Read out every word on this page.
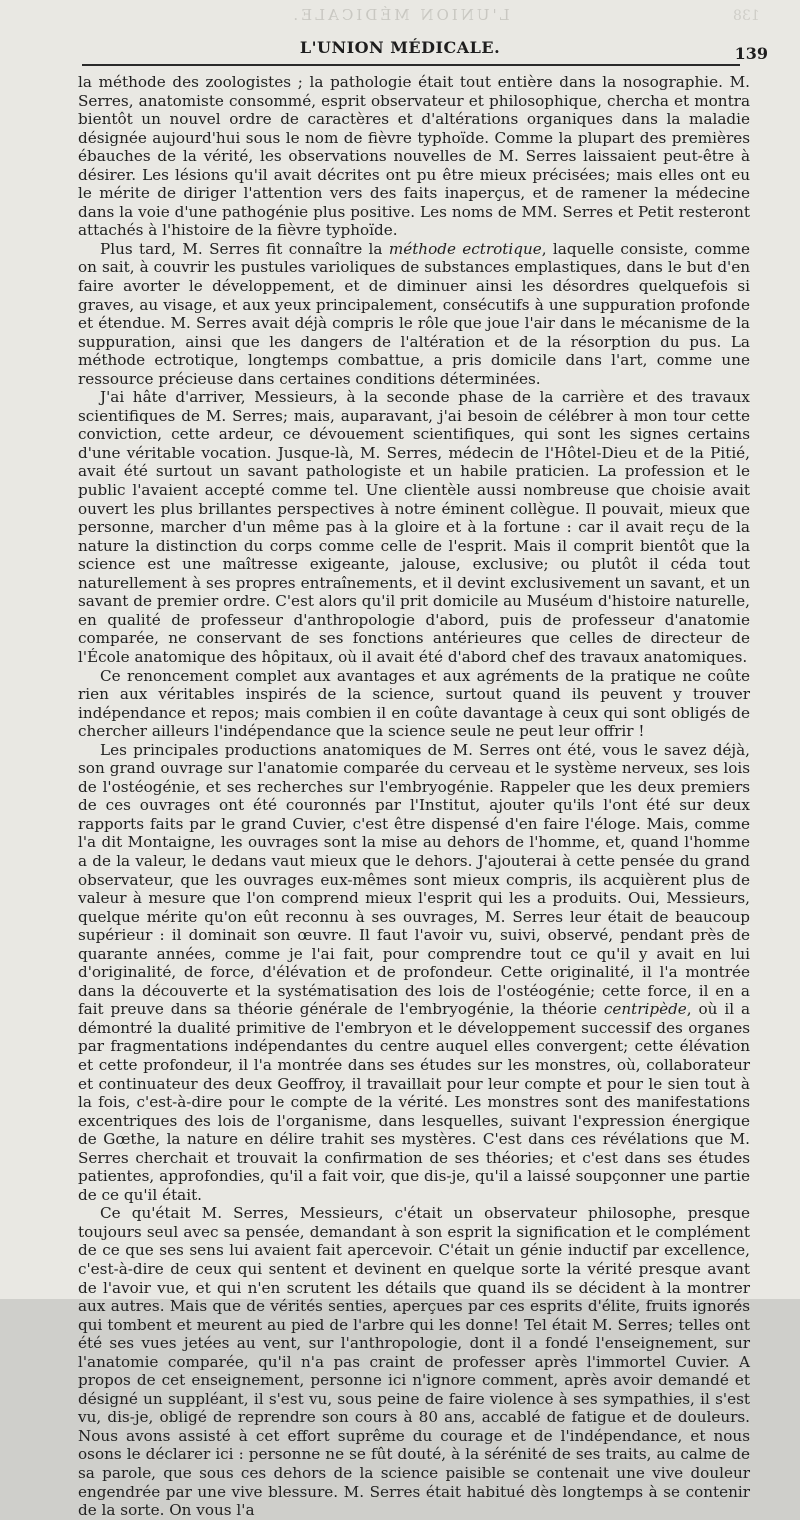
L'UNION MÉDICALE.	138
L'UNION MÉDICALE.	139

la méthode des zoologistes ; la pathologie était tout entière dans la nosographie. M. Serres, anatomiste consommé, esprit observateur et philosophique, chercha et montra bientôt un nouvel ordre de caractères et d'altérations organiques dans la maladie désignée aujourd'hui sous le nom de fièvre typhoïde. Comme la plupart des premières ébauches de la vérité, les observations nouvelles de M. Serres laissaient peut-être à désirer. Les lésions qu'il avait décrites ont pu être mieux précisées; mais elles ont eu le mérite de diriger l'attention vers des faits inaperçus, et de ramener la médecine dans la voie d'une pathogénie plus positive. Les noms de MM. Serres et Petit resteront attachés à l'histoire de la fièvre typhoïde.

Plus tard, M. Serres fit connaître la méthode ectrotique, laquelle consiste, comme on sait, à couvrir les pustules varioliques de substances emplastiques, dans le but d'en faire avorter le développement, et de diminuer ainsi les désordres quelquefois si graves, au visage, et aux yeux principalement, consécutifs à une suppuration profonde et étendue. M. Serres avait déjà compris le rôle que joue l'air dans le mécanisme de la suppuration, ainsi que les dangers de l'altération et de la résorption du pus. La méthode ectrotique, longtemps combattue, a pris domicile dans l'art, comme une ressource précieuse dans certaines conditions déterminées.

J'ai hâte d'arriver, Messieurs, à la seconde phase de la carrière et des travaux scientifiques de M. Serres; mais, auparavant, j'ai besoin de célébrer à mon tour cette conviction, cette ardeur, ce dévouement scientifiques, qui sont les signes certains d'une véritable vocation. Jusque-là, M. Serres, médecin de l'Hôtel-Dieu et de la Pitié, avait été surtout un savant pathologiste et un habile praticien. La profession et le public l'avaient accepté comme tel. Une clientèle aussi nombreuse que choisie avait ouvert les plus brillantes perspectives à notre éminent collègue. Il pouvait, mieux que personne, marcher d'un même pas à la gloire et à la fortune : car il avait reçu de la nature la distinction du corps comme celle de l'esprit. Mais il comprit bientôt que la science est une maîtresse exigeante, jalouse, exclusive; ou plutôt il céda tout naturellement à ses propres entraînements, et il devint exclusivement un savant, et un savant de premier ordre. C'est alors qu'il prit domicile au Muséum d'histoire naturelle, en qualité de professeur d'anthropologie d'abord, puis de professeur d'anatomie comparée, ne conservant de ses fonctions antérieures que celles de directeur de l'École anatomique des hôpitaux, où il avait été d'abord chef des travaux anatomiques.

Ce renoncement complet aux avantages et aux agréments de la pratique ne coûte rien aux véritables inspirés de la science, surtout quand ils peuvent y trouver indépendance et repos; mais combien il en coûte davantage à ceux qui sont obligés de chercher ailleurs l'indépendance que la science seule ne peut leur offrir !

Les principales productions anatomiques de M. Serres ont été, vous le savez déjà, son grand ouvrage sur l'anatomie comparée du cerveau et le système nerveux, ses lois de l'ostéogénie, et ses recherches sur l'embryogénie. Rappeler que les deux premiers de ces ouvrages ont été couronnés par l'Institut, ajouter qu'ils l'ont été sur deux rapports faits par le grand Cuvier, c'est être dispensé d'en faire l'éloge. Mais, comme l'a dit Montaigne, les ouvrages sont la mise au dehors de l'homme, et, quand l'homme a de la valeur, le dedans vaut mieux que le dehors. J'ajouterai à cette pensée du grand observateur, que les ouvrages eux-mêmes sont mieux compris, ils acquièrent plus de valeur à mesure que l'on comprend mieux l'esprit qui les a produits. Oui, Messieurs, quelque mérite qu'on eût reconnu à ses ouvrages, M. Serres leur était de beaucoup supérieur : il dominait son œuvre. Il faut l'avoir vu, suivi, observé, pendant près de quarante années, comme je l'ai fait, pour comprendre tout ce qu'il y avait en lui d'originalité, de force, d'élévation et de profondeur. Cette originalité, il l'a montrée dans la découverte et la systématisation des lois de l'ostéogénie; cette force, il en a fait preuve dans sa théorie générale de l'embryogénie, la théorie centripède, où il a démontré la dualité primitive de l'embryon et le développement successif des organes par fragmentations indépendantes du centre auquel elles convergent; cette élévation et cette profondeur, il l'a montrée dans ses études sur les monstres, où, collaborateur et continuateur des deux Geoffroy, il travaillait pour leur compte et pour le sien tout à la fois, c'est-à-dire pour le compte de la vérité. Les monstres sont des manifestations excentriques des lois de l'organisme, dans lesquelles, suivant l'expression énergique de Gœthe, la nature en délire trahit ses mystères. C'est dans ces révélations que M. Serres cherchait et trouvait la confirmation de ses théories; et c'est dans ses études patientes, approfondies, qu'il a fait voir, que dis-je, qu'il a laissé soupçonner une partie de ce qu'il était.

Ce qu'était M. Serres, Messieurs, c'était un observateur philosophe, presque toujours seul avec sa pensée, demandant à son esprit la signification et le complément de ce que ses sens lui avaient fait apercevoir. C'était un génie inductif par excellence, c'est-à-dire de ceux qui sentent et devinent en quelque sorte la vérité presque avant de l'avoir vue, et qui n'en scrutent les détails que quand ils se décident à la montrer aux autres. Mais que de vérités senties, aperçues par ces esprits d'élite, fruits ignorés qui tombent et meurent au pied de l'arbre qui les donne! Tel était M. Serres; telles ont été ses vues jetées au vent, sur l'anthropologie, dont il a fondé l'enseignement, sur l'anatomie comparée, qu'il n'a pas craint de professer après l'immortel Cuvier. A propos de cet enseignement, personne ici n'ignore comment, après avoir demandé et désigné un suppléant, il s'est vu, sous peine de faire violence à ses sympathies, il s'est vu, dis-je, obligé de reprendre son cours à 80 ans, accablé de fatigue et de douleurs. Nous avons assisté à cet effort suprême du courage et de l'indépendance, et nous osons le déclarer ici : personne ne se fût douté, à la sérénité de ses traits, au calme de sa parole, que sous ces dehors de la science paisible se contenait une vive douleur engendrée par une vive blessure. M. Serres était habitué dès longtemps à se contenir de la sorte. On vous l'a
